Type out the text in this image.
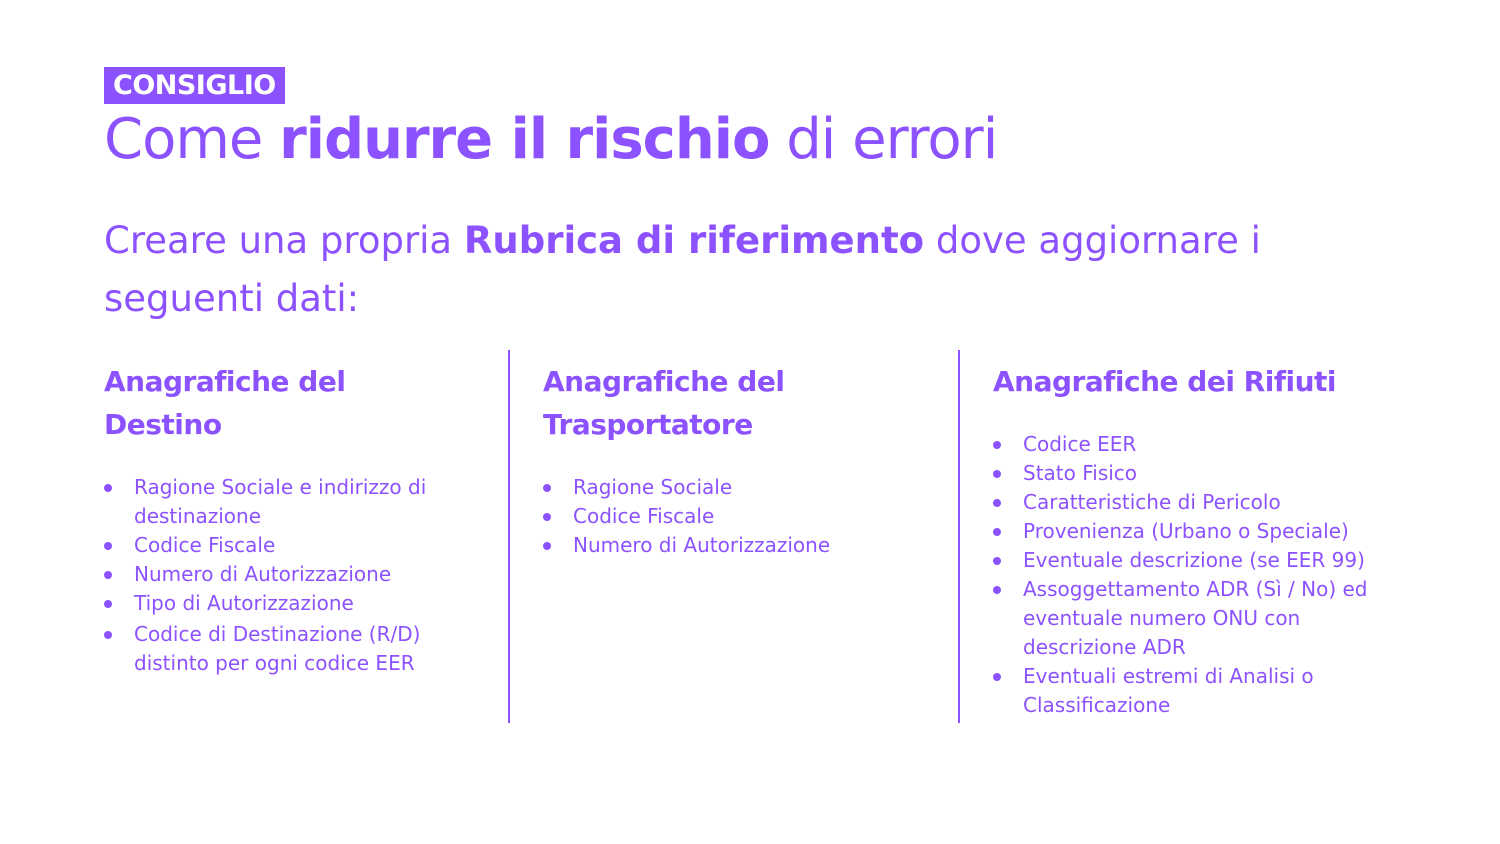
CONSIGLIO
Come ridurre il rischio di errori

Creare una propria Rubrica di riferimento dove aggiornare i seguenti dati:

Anagrafiche del Destino
Ragione Sociale e indirizzo di destinazione
Codice Fiscale
Numero di Autorizzazione
Tipo di Autorizzazione
Codice di Destinazione (R/D) distinto per ogni codice EER
Anagrafiche del Trasportatore
Ragione Sociale
Codice Fiscale
Numero di Autorizzazione
Anagrafiche dei Rifiuti
Codice EER
Stato Fisico
Caratteristiche di Pericolo
Provenienza (Urbano o Speciale)
Eventuale descrizione (se EER 99)
Assoggettamento ADR (Sì / No) ed eventuale numero ONU con descrizione ADR
Eventuali estremi di Analisi o Classificazione
